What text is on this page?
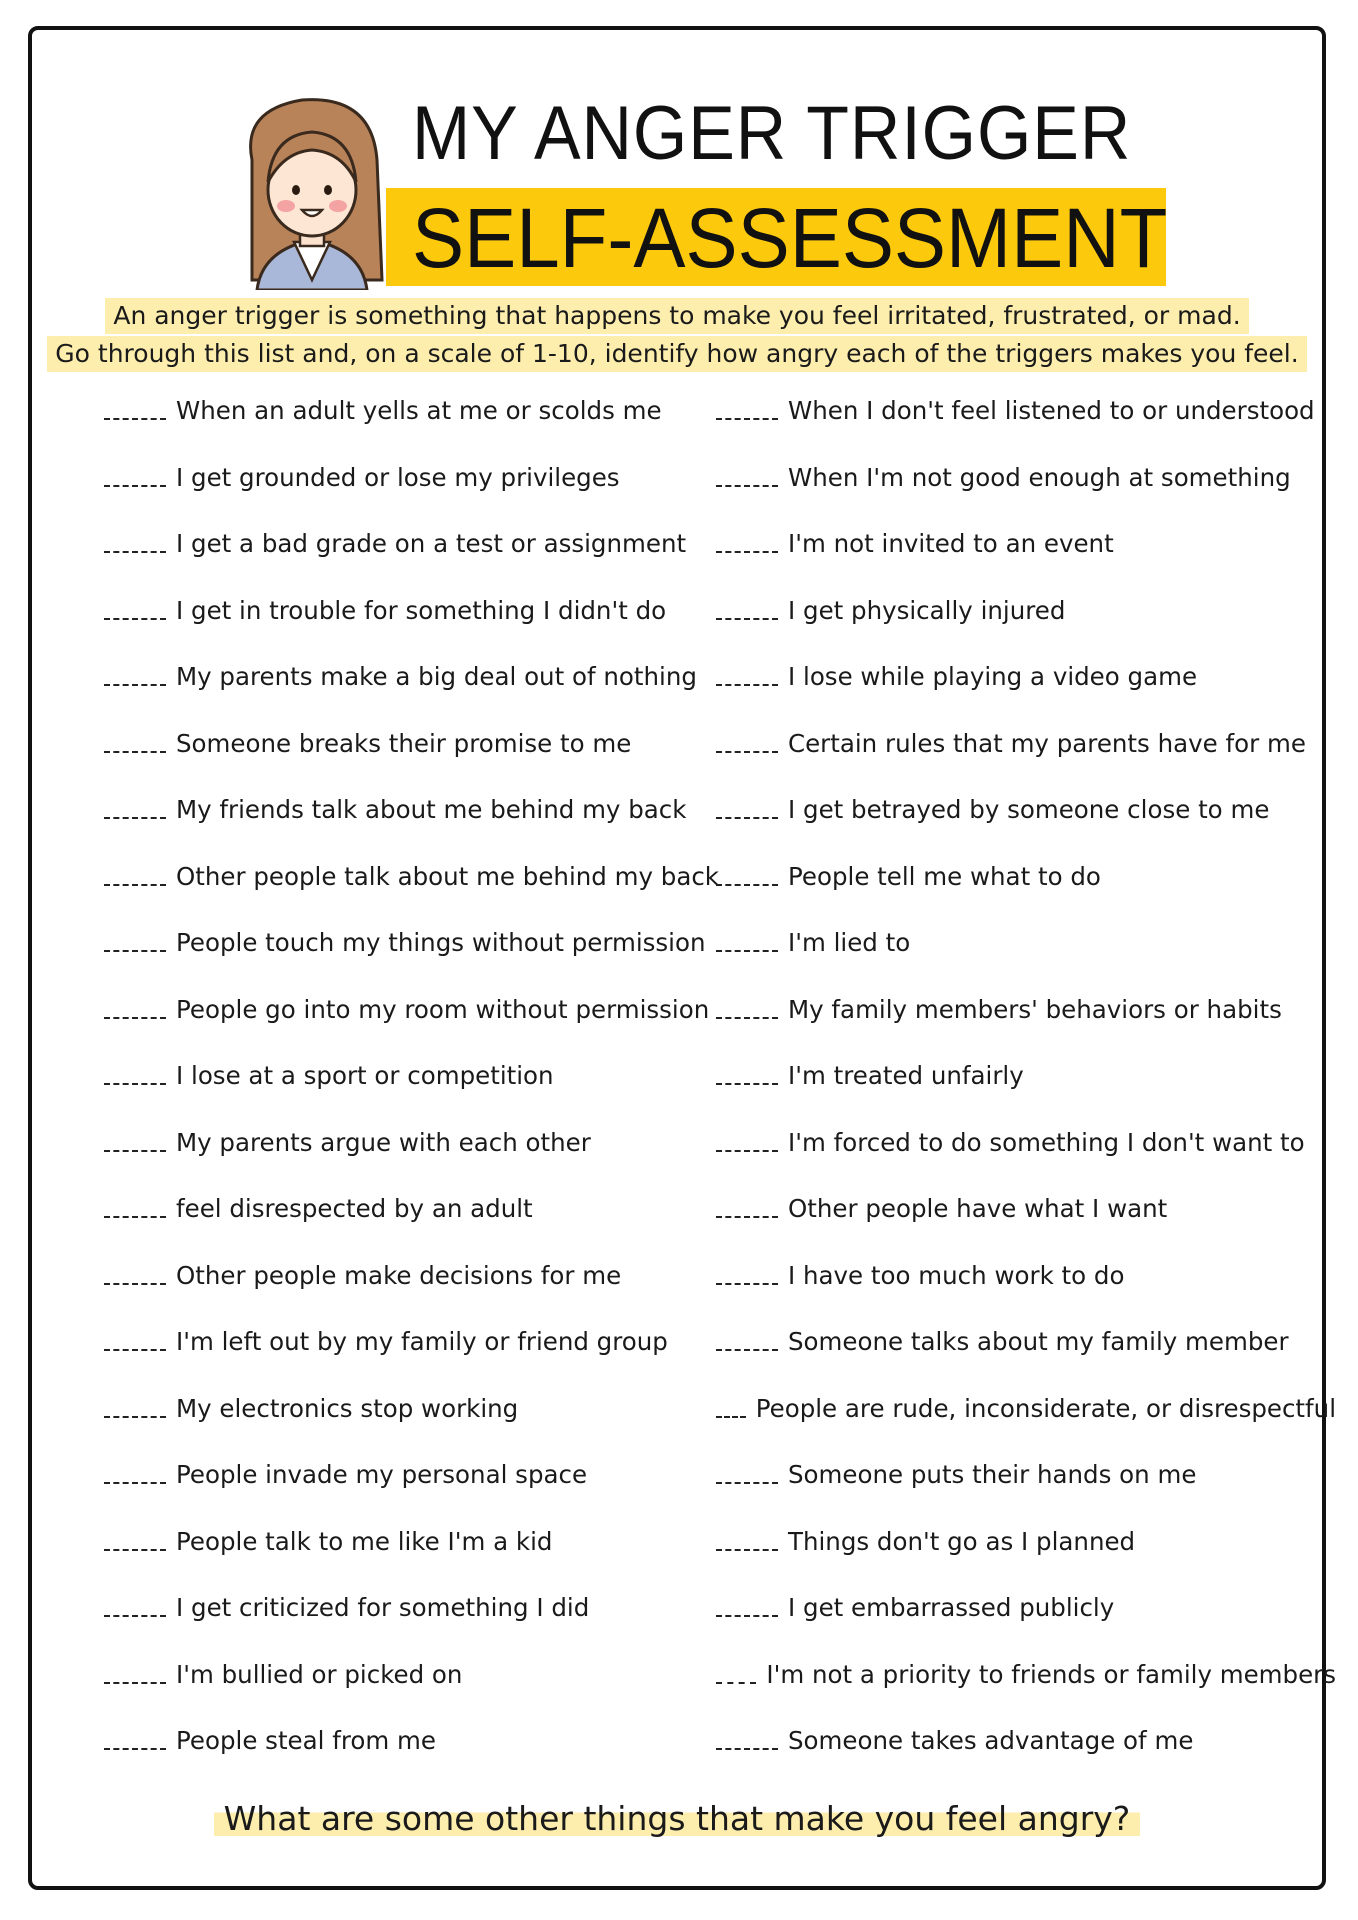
MY ANGER TRIGGER
SELF-ASSESSMENT
An anger trigger is something that happens to make you feel irritated, frustrated, or mad.
Go through this list and, on a scale of 1-10, identify how angry each of the triggers makes you feel.
When an adult yells at me or scolds me
I get grounded or lose my privileges
I get a bad grade on a test or assignment
I get in trouble for something I didn't do
My parents make a big deal out of nothing
Someone breaks their promise to me
My friends talk about me behind my back
Other people talk about me behind my back
People touch my things without permission
People go into my room without permission
I lose at a sport or competition
My parents argue with each other
feel disrespected by an adult
Other people make decisions for me
I'm left out by my family or friend group
My electronics stop working
People invade my personal space
People talk to me like I'm a kid
I get criticized for something I did
I'm bullied or picked on
People steal from me
When I don't feel listened to or understood
When I'm not good enough at something
I'm not invited to an event
I get physically injured
I lose while playing a video game
Certain rules that my parents have for me
I get betrayed by someone close to me
People tell me what to do
I'm lied to
My family members' behaviors or habits
I'm treated unfairly
I'm forced to do something I don't want to
Other people have what I want
I have too much work to do
Someone talks about my family member
People are rude, inconsiderate, or disrespectful
Someone puts their hands on me
Things don't go as I planned
I get embarrassed publicly
I'm not a priority to friends or family members
Someone takes advantage of me
What are some other things that make you feel angry?
